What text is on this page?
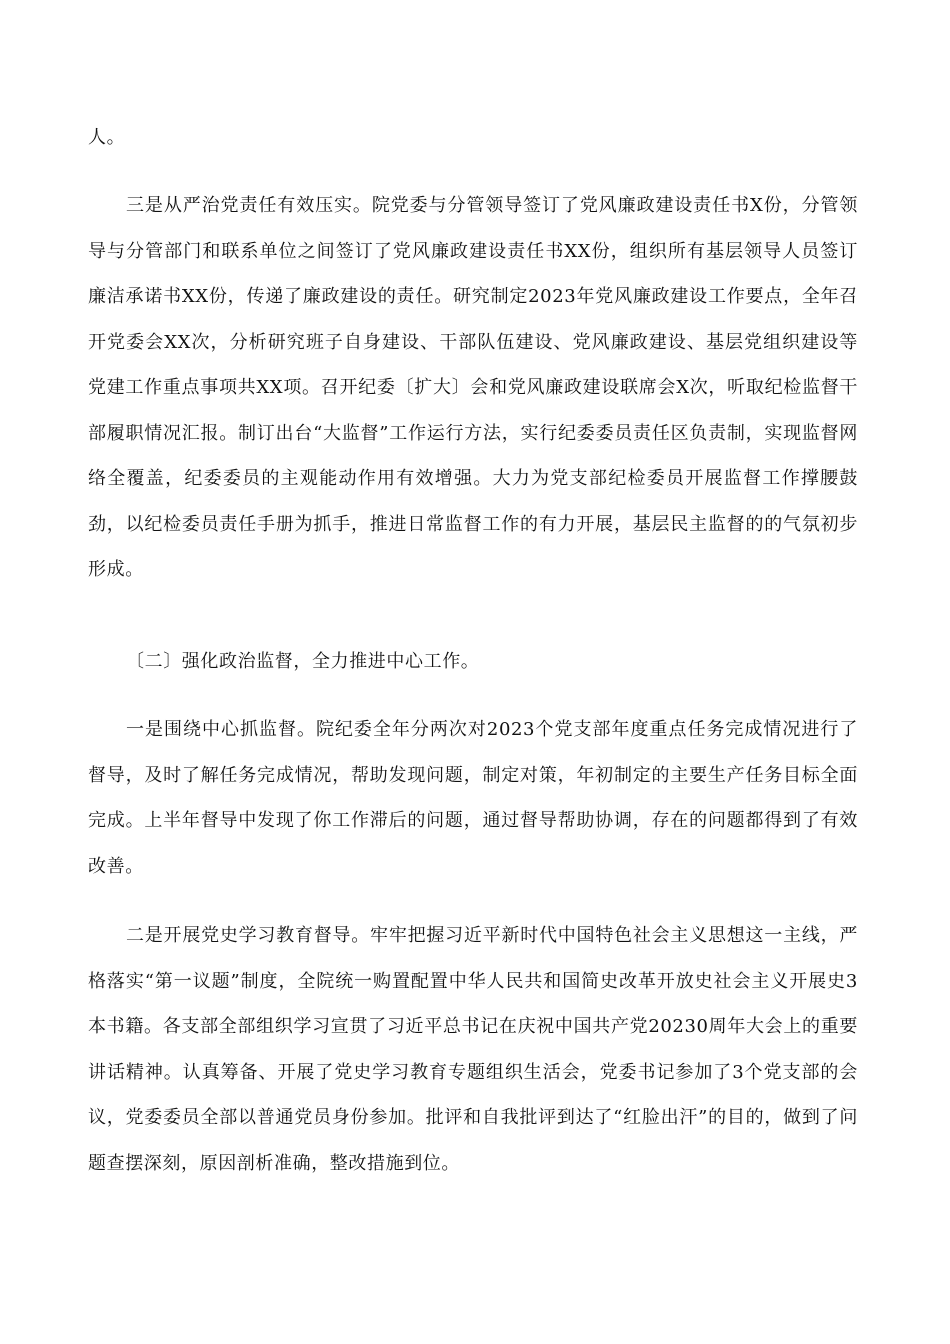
人。

三是从严治党责任有效压实。院党委与分管领导签订了党风廉政建设责任书X份，分管领导与分管部门和联系单位之间签订了党风廉政建设责任书XX份，组织所有基层领导人员签订廉洁承诺书XX份，传递了廉政建设的责任。研究制定2023年党风廉政建设工作要点，全年召开党委会XX次，分析研究班子自身建设、干部队伍建设、党风廉政建设、基层党组织建设等党建工作重点事项共XX项。召开纪委〔扩大〕会和党风廉政建设联席会X次，听取纪检监督干部履职情况汇报。制订出台“大监督”工作运行方法，实行纪委委员责任区负责制，实现监督网络全覆盖，纪委委员的主观能动作用有效增强。大力为党支部纪检委员开展监督工作撑腰鼓劲，以纪检委员责任手册为抓手，推进日常监督工作的有力开展，基层民主监督的的气氛初步形成。

〔二〕强化政治监督，全力推进中心工作。

一是围绕中心抓监督。院纪委全年分两次对2023个党支部年度重点任务完成情况进行了督导，及时了解任务完成情况，帮助发现问题，制定对策，年初制定的主要生产任务目标全面完成。上半年督导中发现了你工作滞后的问题，通过督导帮助协调，存在的问题都得到了有效改善。

二是开展党史学习教育督导。牢牢把握习近平新时代中国特色社会主义思想这一主线，严格落实“第一议题”制度，全院统一购置配置中华人民共和国简史改革开放史社会主义开展史3本书籍。各支部全部组织学习宣贯了习近平总书记在庆祝中国共产党20230周年大会上的重要讲话精神。认真筹备、开展了党史学习教育专题组织生活会，党委书记参加了3个党支部的会议，党委委员全部以普通党员身份参加。批评和自我批评到达了“红脸出汗”的目的，做到了问题查摆深刻，原因剖析准确，整改措施到位。
